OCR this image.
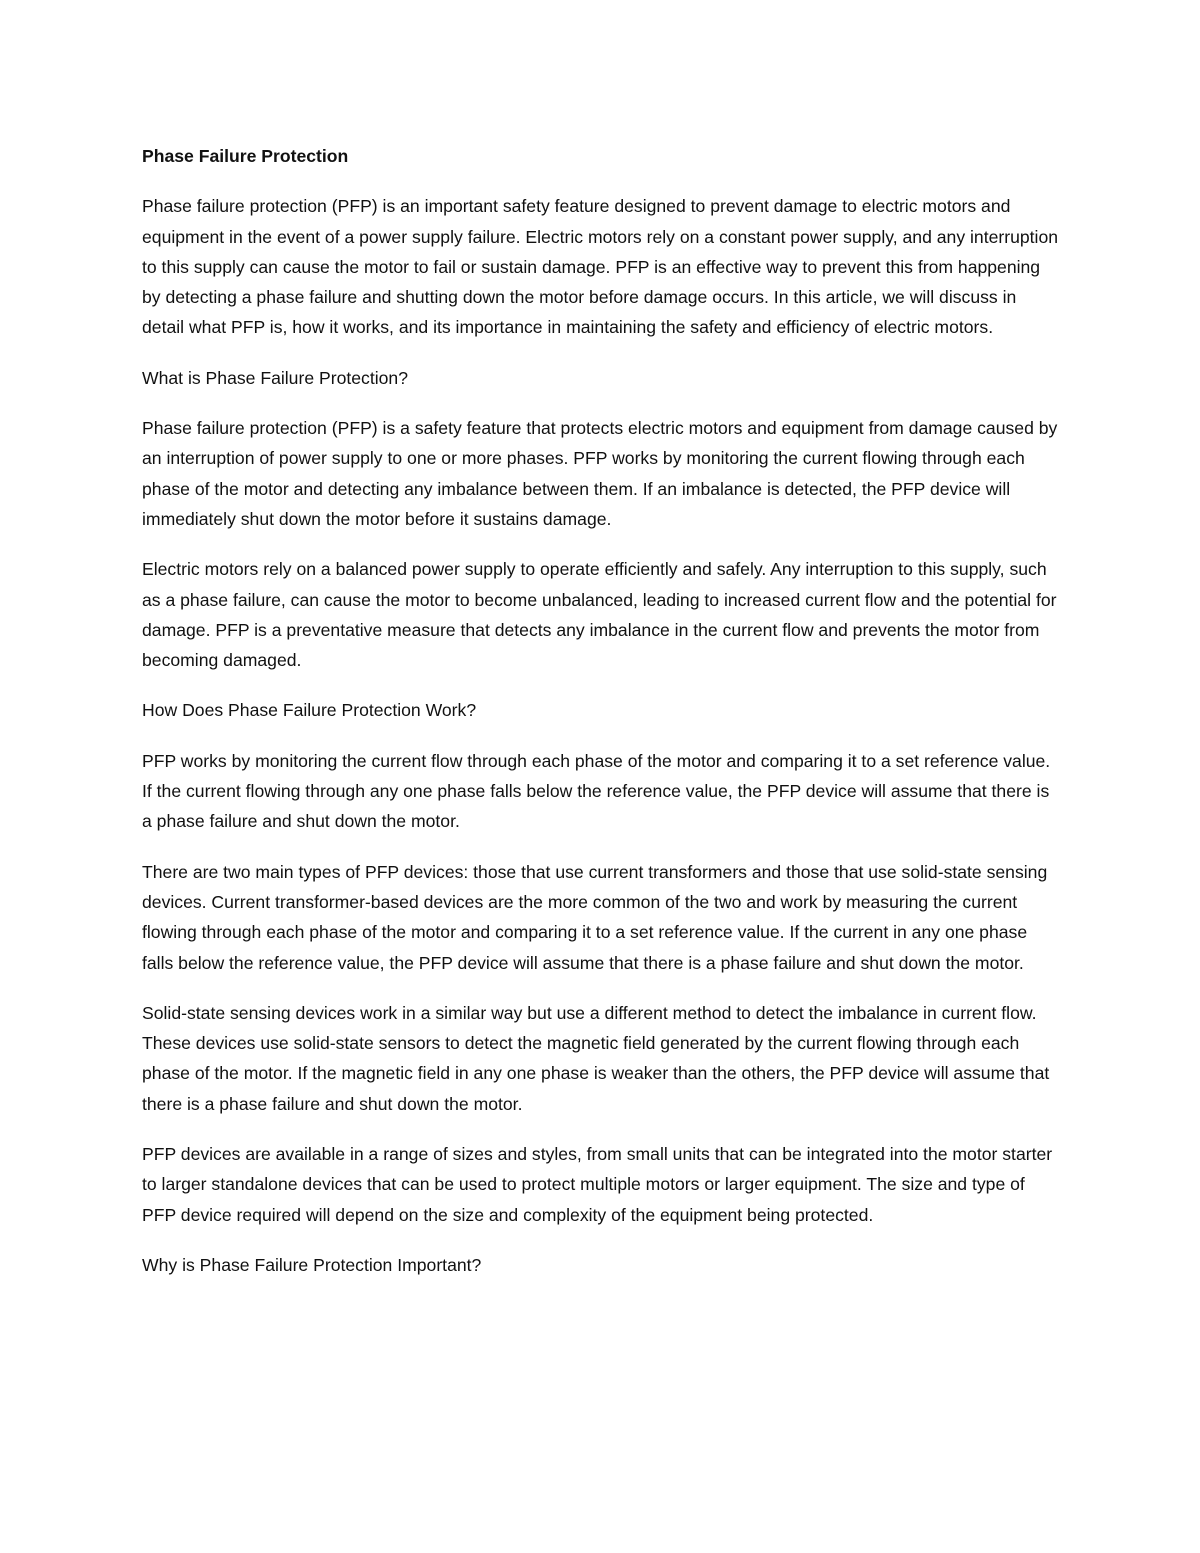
Phase Failure Protection

Phase failure protection (PFP) is an important safety feature designed to prevent damage to electric motors and equipment in the event of a power supply failure. Electric motors rely on a constant power supply, and any interruption to this supply can cause the motor to fail or sustain damage. PFP is an effective way to prevent this from happening by detecting a phase failure and shutting down the motor before damage occurs. In this article, we will discuss in detail what PFP is, how it works, and its importance in maintaining the safety and efficiency of electric motors.

What is Phase Failure Protection?

Phase failure protection (PFP) is a safety feature that protects electric motors and equipment from damage caused by an interruption of power supply to one or more phases. PFP works by monitoring the current flowing through each phase of the motor and detecting any imbalance between them. If an imbalance is detected, the PFP device will immediately shut down the motor before it sustains damage.

Electric motors rely on a balanced power supply to operate efficiently and safely. Any interruption to this supply, such as a phase failure, can cause the motor to become unbalanced, leading to increased current flow and the potential for damage. PFP is a preventative measure that detects any imbalance in the current flow and prevents the motor from becoming damaged.

How Does Phase Failure Protection Work?

PFP works by monitoring the current flow through each phase of the motor and comparing it to a set reference value. If the current flowing through any one phase falls below the reference value, the PFP device will assume that there is a phase failure and shut down the motor.

There are two main types of PFP devices: those that use current transformers and those that use solid-state sensing devices. Current transformer-based devices are the more common of the two and work by measuring the current flowing through each phase of the motor and comparing it to a set reference value. If the current in any one phase falls below the reference value, the PFP device will assume that there is a phase failure and shut down the motor.

Solid-state sensing devices work in a similar way but use a different method to detect the imbalance in current flow. These devices use solid-state sensors to detect the magnetic field generated by the current flowing through each phase of the motor. If the magnetic field in any one phase is weaker than the others, the PFP device will assume that there is a phase failure and shut down the motor.

PFP devices are available in a range of sizes and styles, from small units that can be integrated into the motor starter to larger standalone devices that can be used to protect multiple motors or larger equipment. The size and type of PFP device required will depend on the size and complexity of the equipment being protected.

Why is Phase Failure Protection Important?
